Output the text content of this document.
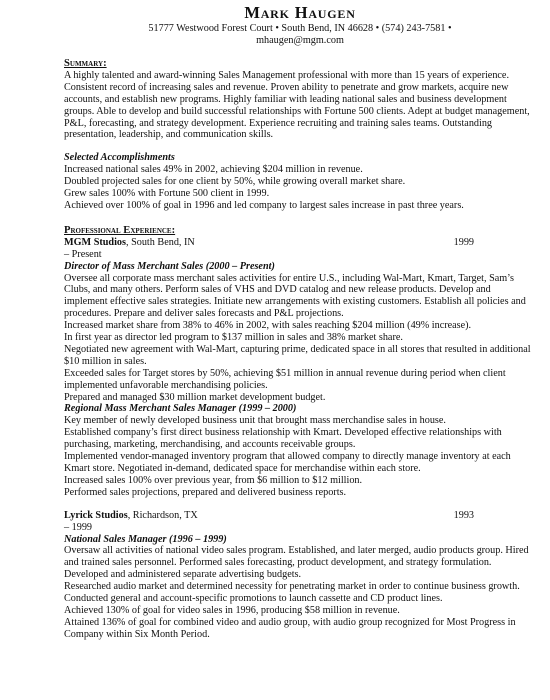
Mark Haugen
51777 Westwood Forest Court • South Bend, IN 46628 • (574) 243-7581 •
mhaugen@mgm.com
Summary:

A highly talented and award-winning Sales Management professional with more than 15 years of experience. Consistent record of increasing sales and revenue. Proven ability to penetrate and grow markets, acquire new accounts, and establish new programs. Highly familiar with leading national sales and business development groups. Able to develop and build successful relationships with Fortune 500 clients. Adept at budget management, P&L, forecasting, and strategy development. Experience recruiting and training sales teams. Outstanding presentation, leadership, and communication skills.

Selected Accomplishments

Increased national sales 49% in 2002, achieving $204 million in revenue.

Doubled projected sales for one client by 50%, while growing overall market share.

Grew sales 100% with Fortune 500 client in 1999.

Achieved over 100% of goal in 1996 and led company to largest sales increase in past three years.

Professional Experience:
MGM Studios, South Bend, IN	1999
– Present
Director of Mass Merchant Sales (2000 – Present)

Oversee all corporate mass merchant sales activities for entire U.S., including Wal-Mart, Kmart, Target, Sam’s Clubs, and many others. Perform sales of VHS and DVD catalog and new release products. Develop and implement effective sales strategies. Initiate new arrangements with existing customers. Establish all policies and procedures. Prepare and deliver sales forecasts and P&L projections.

Increased market share from 38% to 46% in 2002, with sales reaching $204 million (49% increase).

In first year as director led program to $137 million in sales and 38% market share.

Negotiated new agreement with Wal-Mart, capturing prime, dedicated space in all stores that resulted in additional $10 million in sales.

Exceeded sales for Target stores by 50%, achieving $51 million in annual revenue during period when client implemented unfavorable merchandising policies.

Prepared and managed $30 million market development budget.

Regional Mass Merchant Sales Manager (1999 – 2000)

Key member of newly developed business unit that brought mass merchandise sales in house.

Established company’s first direct business relationship with Kmart. Developed effective relationships with purchasing, marketing, merchandising, and accounts receivable groups.

Implemented vendor-managed inventory program that allowed company to directly manage inventory at each Kmart store. Negotiated in-demand, dedicated space for merchandise within each store.

Increased sales 100% over previous year, from $6 million to $12 million.

Performed sales projections, prepared and delivered business reports.

Lyrick Studios, Richardson, TX	1993
– 1999
National Sales Manager (1996 – 1999)

Oversaw all activities of national video sales program. Established, and later merged, audio products group. Hired and trained sales personnel. Performed sales forecasting, product development, and strategy formulation. Developed and administered separate advertising budgets.

Researched audio market and determined necessity for penetrating market in order to continue business growth. Conducted general and account-specific promotions to launch cassette and CD product lines.

Achieved 130% of goal for video sales in 1996, producing $58 million in revenue.

Attained 136% of goal for combined video and audio group, with audio group recognized for Most Progress in Company within Six Month Period.
